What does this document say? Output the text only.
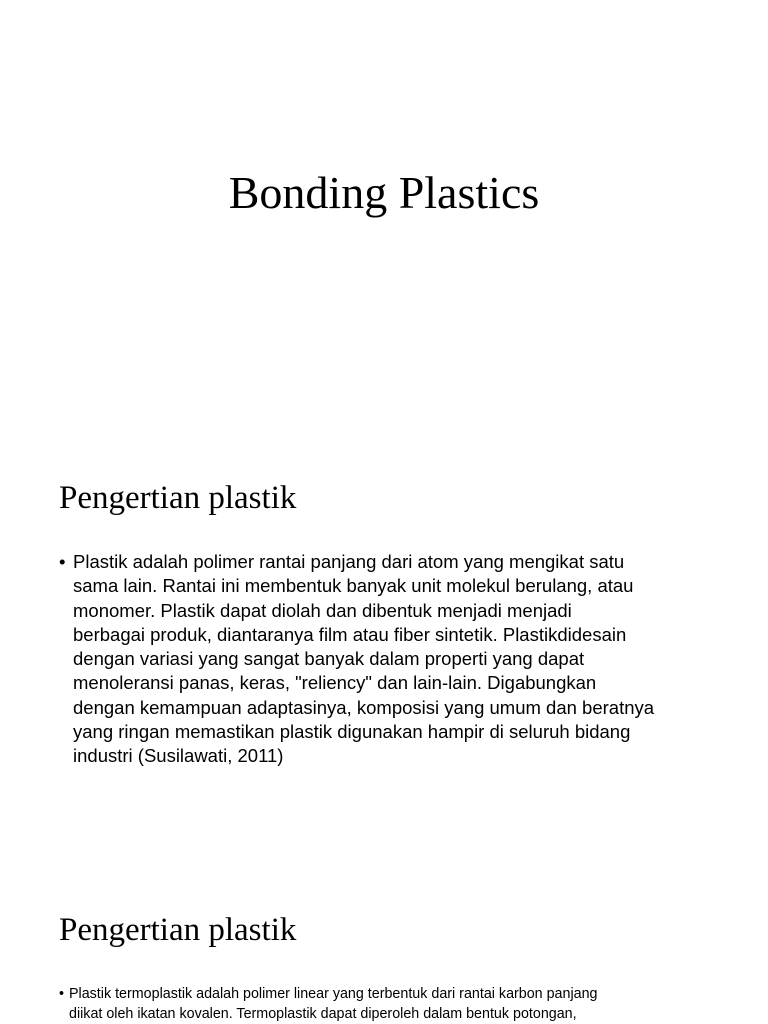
Bonding Plastics
Pengertian plastik
• Plastik adalah polimer rantai panjang dari atom yang mengikat satu
sama lain. Rantai ini membentuk banyak unit molekul berulang, atau
monomer. Plastik dapat diolah dan dibentuk menjadi menjadi
berbagai produk, diantaranya film atau fiber sintetik. Plastikdidesain
dengan variasi yang sangat banyak dalam properti yang dapat
menoleransi panas, keras, "reliency" dan lain-lain. Digabungkan
dengan kemampuan adaptasinya, komposisi yang umum dan beratnya
yang ringan memastikan plastik digunakan hampir di seluruh bidang
industri (Susilawati, 2011)
Pengertian plastik
• Plastik termoplastik adalah polimer linear yang terbentuk dari rantai karbon panjang
diikat oleh ikatan kovalen. Termoplastik dapat diperoleh dalam bentuk potongan,
